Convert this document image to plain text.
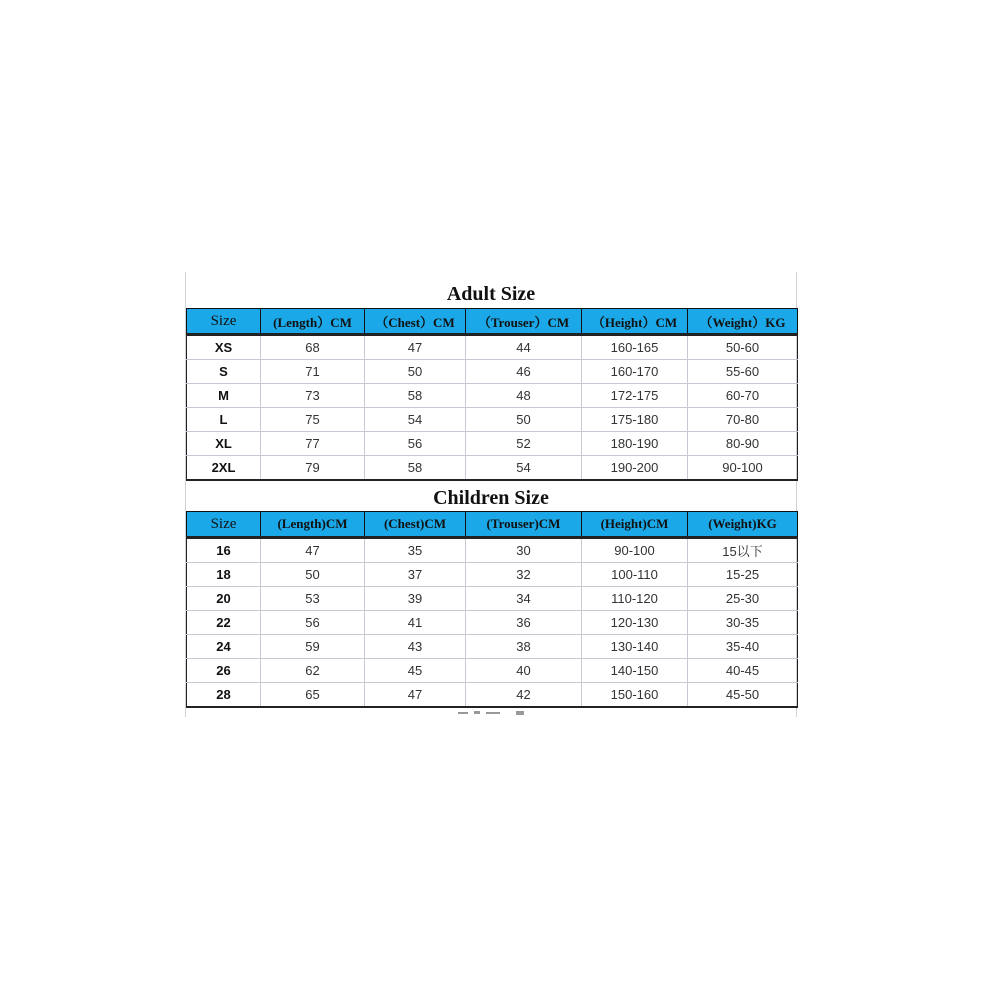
Adult Size
Size	(Length）CM	（Chest）CM	（Trouser）CM	（Height）CM	（Weight）KG
XS	68	47	44	160-165	50-60
S	71	50	46	160-170	55-60
M	73	58	48	172-175	60-70
L	75	54	50	175-180	70-80
XL	77	56	52	180-190	80-90
2XL	79	58	54	190-200	90-100
Children Size
Size	(Length)CM	(Chest)CM	(Trouser)CM	(Height)CM	(Weight)KG
16	47	35	30	90-100	15以下
18	50	37	32	100-110	15-25
20	53	39	34	110-120	25-30
22	56	41	36	120-130	30-35
24	59	43	38	130-140	35-40
26	62	45	40	140-150	40-45
28	65	47	42	150-160	45-50
